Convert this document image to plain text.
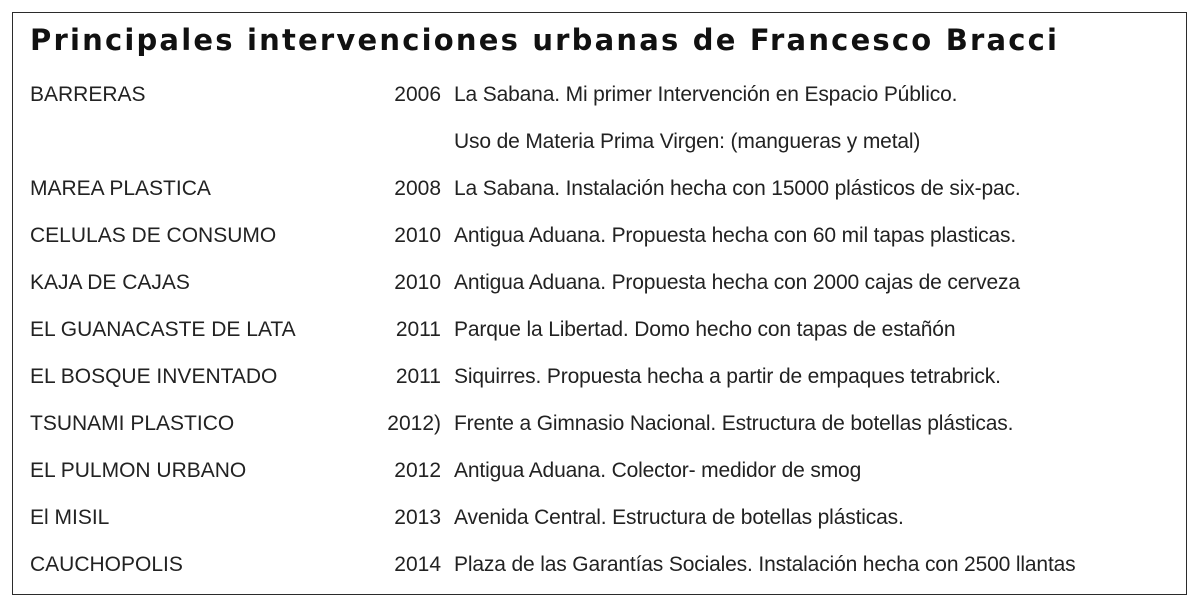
Principales intervenciones urbanas de Francesco Bracci
BARRERAS	2006 La Sabana. Mi primer Intervención en Espacio Público.
Uso de Materia Prima Virgen: (mangueras y metal)
MAREA PLASTICA	2008 La Sabana. Instalación hecha con 15000 plásticos de six-pac.
CELULAS DE CONSUMO	2010 Antigua Aduana. Propuesta hecha con 60 mil tapas plasticas.
KAJA DE CAJAS	2010 Antigua Aduana. Propuesta hecha con 2000 cajas de cerveza
EL GUANACASTE DE LATA	2011 Parque la Libertad. Domo hecho con tapas de estañón
EL BOSQUE INVENTADO	2011 Siquirres. Propuesta hecha a partir de empaques tetrabrick.
TSUNAMI PLASTICO	2012) Frente a Gimnasio Nacional. Estructura de botellas plásticas.
EL PULMON URBANO	2012 Antigua Aduana. Colector- medidor de smog
El MISIL	2013 Avenida Central. Estructura de botellas plásticas.
CAUCHOPOLIS	2014 Plaza de las Garantías Sociales. Instalación hecha con 2500 llantas
